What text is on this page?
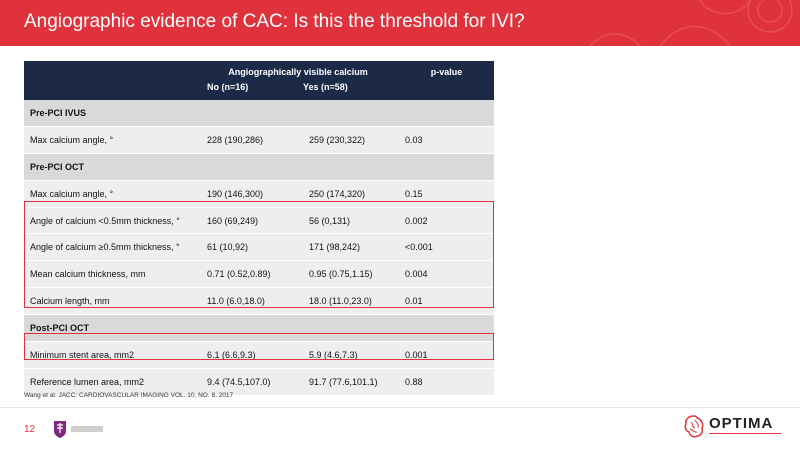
Angiographic evidence of CAC: Is this the threshold for IVI?

	Angiographically visible calcium
No (n=16) Yes (n=58)		p-value
Pre-PCI IVUS			
Max calcium angle, °	228 (190,286)	259 (230,322)	0.03
Pre-PCI OCT			
Max calcium angle, °	190 (146,300)	250 (174,320)	0.15
Angle of calcium <0.5mm thickness, °	160 (69,249)	56 (0,131)	0.002
Angle of calcium ≥0.5mm thickness, °	61 (10,92)	171 (98,242)	<0.001
Mean calcium thickness, mm	0.71 (0.52,0.89)	0.95 (0.75,1.15)	0.004
Calcium length, mm	11.0 (6.0,18.0)	18.0 (11.0,23.0)	0.01
Post-PCI OCT			
Minimum stent area, mm2	6.1 (6.6,9.3)	5.9 (4.6,7.3)	0.001
Reference lumen area, mm2	9.4 (74.5,107.0)	91.7 (77.6,101.1)	0.88
Wang et al. JACC: CARDIOVASCULAR IMAGING VOL. 10, NO. 8, 2017
12	OPTIMA
